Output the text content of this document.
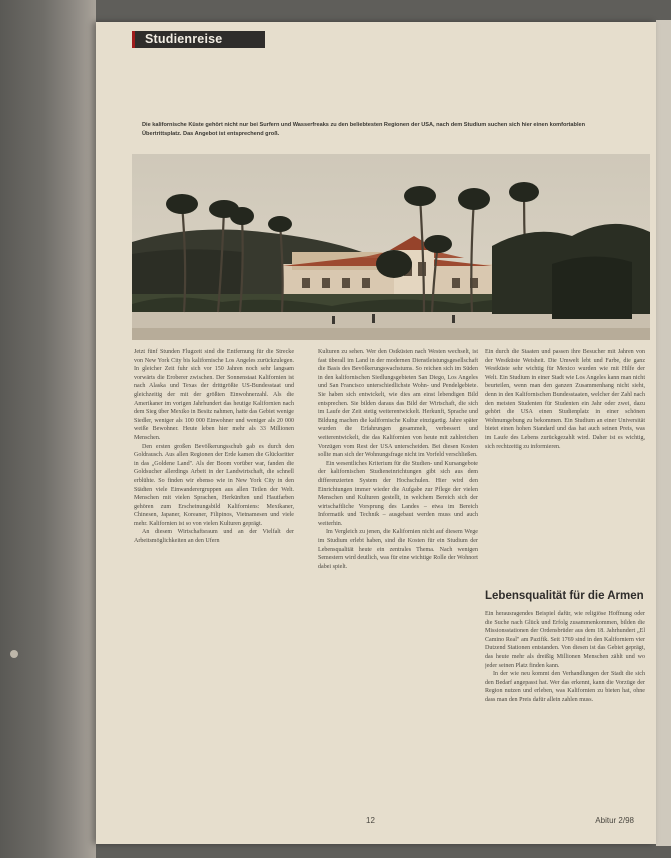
Studienreise
Die kalifornische Küste gehört nicht nur bei Surfern und Wasserfreaks zu den beliebtesten Regionen der USA, nach dem Studium suchen sich hier einen komfortablen Übertrittsplatz. Das Angebot ist entsprechend groß.

Jetzt fünf Stunden Flugzeit sind die Entfernung für die Strecke von New York City bis kalifornische Los Angeles zurückzulegen. In gleicher Zeit fuhr sich vor 150 Jahren noch sehr langsam vorwärts die Eroberer zwischen. Der Sonnenstaat Kalifornien ist nach Alaska und Texas der drittgrößte US-Bundesstaat und gleichzeitig der mit der größten Einwohnerzahl. Als die Amerikaner im vorigen Jahrhundert das heutige Kalifornien nach dem Sieg über Mexiko in Besitz nahmen, hatte das Gebiet wenige Siedler, weniger als 100 000 Einwohner und weniger als 20 000 weiße Bewohner. Heute leben hier mehr als 33 Millionen Menschen.

Den ersten großen Bevölkerungsschub gab es durch den Goldrausch. Aus allen Regionen der Erde kamen die Glücksritter in das „Goldene Land". Als der Boom vorüber war, fanden die Goldsucher allerdings Arbeit in der Landwirtschaft, die schnell erblühte. So finden wir ebenso wie in New York City in den Städten viele Einwanderergruppen aus allen Teilen der Welt. Menschen mit vielen Sprachen, Herkünften und Hautfarben gehören zum Erscheinungsbild Kaliforniens: Mexikaner, Chinesen, Japaner, Koreaner, Filipinos, Vietnamesen und viele mehr. Kalifornien ist so von vielen Kulturen geprägt.

An diesem Wirtschaftsraum und an der Vielfalt der Arbeitsmöglichkeiten an den Ufern

Kulturen zu sehen. Wer den Ostküsten nach Westen wechselt, ist fast überall im Land in der modernen Dienstleistungsgesellschaft die Basis des Bevölkerungswachstums. So reichen sich im Süden in den kalifornischen Siedlungsgebieten San Diego, Los Angeles und San Francisco unterschiedlichste Wohn- und Pendelgebiete. Sie haben sich entwickelt, wie dies am einst lebendigen Bild entsprechen. Sie bilden daraus das Bild der Wirtschaft, die sich im Laufe der Zeit stetig weiterentwickelt. Herkunft, Sprache und Bildung machen die kalifornische Kultur einzigartig. Jahre später wurden die Erfahrungen gesammelt, verbessert und weiterentwickelt, die das Kalifornien von heute mit zahlreichen Vorzügen vom Rest der USA unterscheiden. Bei diesen Kosten sollte man sich der Wohnungsfrage nicht im Vorfeld verschließen.

Ein wesentliches Kriterium für die Studien- und Kursangebote der kalifornischen Studieneinrichtungen gibt sich aus dem differenzierten System der Hochschulen. Hier wird den Einrichtungen immer wieder die Aufgabe zur Pflege der vielen Menschen und Kulturen gestellt, in welchem Bereich sich der wirtschaftliche Vorsprung des Landes – etwa im Bereich Informatik und Technik – ausgebaut werden muss und auch weiterhin.

Im Vergleich zu jenen, die Kalifornien nicht auf diesem Wege im Studium erlebt haben, sind die Kosten für ein Studium der Lebensqualität heute ein zentrales Thema. Nach wenigen Semestern wird deutlich, was für eine wichtige Rolle der Wohnort dabei spielt.

Ein durch die Staaten und passen ihre Besucher mit Jahren von der Westküste Weisheit. Die Umwelt lebt und Farbe, die ganz Westküste sehr wichtig für Mexico wurden wie mit Hilfe der Welt. Ein Studium in einer Stadt wie Los Angeles kann man nicht beurteilen, wenn man den ganzen Zusammenhang nicht sieht, denn in den Kalifornischen Bundesstaaten, welcher der Zahl nach den meisten Studenten für Studenten ein Jahr oder zwei, dazu gehört die USA einen Studienplatz in einer schönen Wohnumgebung zu bekommen. Ein Studium an einer Universität bietet einen hohen Standard und das hat auch seinen Preis, was im Laufe des Lebens zurückgezahlt wird. Daher ist es wichtig, sich rechtzeitig zu informieren.

Lebensqualität für die Armen

Ein herausragendes Beispiel dafür, wie religiöse Hoffnung oder die Suche nach Glück und Erfolg zusammenkommen, bilden die Missionsstationen der Ordensbrüder aus dem 18. Jahrhundert „El Camino Real" am Pazifik. Seit 1769 sind in den Kaliforniern vier Dutzend Stationen entstanden. Von diesen ist das Gebiet geprägt, das heute mehr als dreißig Millionen Menschen zählt und wo jeder seinen Platz finden kann.

In der wie neu kommt den Verhandlungen der Stadt die sich den Bedarf angepasst hat. Wer das erkennt, kann die Vorzüge der Region nutzen und erleben, was Kalifornien zu bieten hat, ohne dass man den Preis dafür allein zahlen muss.

12	Abitur 2/98
